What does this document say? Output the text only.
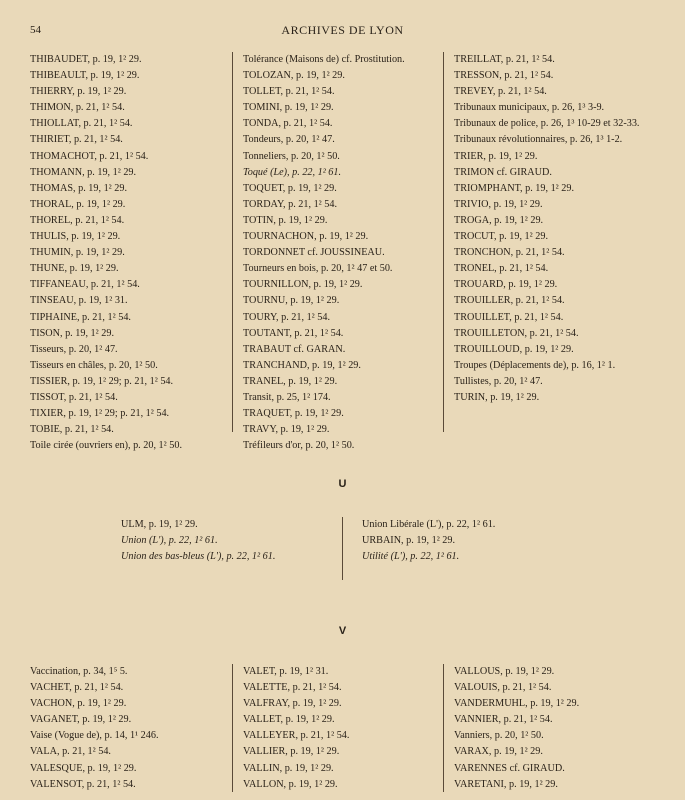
54	ARCHIVES DE LYON
THIBAUDET, p. 19, 1² 29.
THIBEAULT, p. 19, 1² 29.
THIERRY, p. 19, 1² 29.
THIMON, p. 21, 1² 54.
THIOLLAT, p. 21, 1² 54.
THIRIET, p. 21, 1² 54.
THOMACHOT, p. 21, 1² 54.
THOMANN, p. 19, 1² 29.
THOMAS, p. 19, 1² 29.
THORAL, p. 19, 1² 29.
THOREL, p. 21, 1² 54.
THULIS, p. 19, 1² 29.
THUMIN, p. 19, 1² 29.
THUNE, p. 19, 1² 29.
TIFFANEAU, p. 21, 1² 54.
TINSEAU, p. 19, 1² 31.
TIPHAINE, p. 21, 1² 54.
TISON, p. 19, 1² 29.
Tisseurs, p. 20, 1² 47.
Tisseurs en châles, p. 20, 1² 50.
TISSIER, p. 19, 1² 29; p. 21, 1² 54.
TISSOT, p. 21, 1² 54.
TIXIER, p. 19, 1² 29; p. 21, 1² 54.
TOBIE, p. 21, 1² 54.
Toile cirée (ouvriers en), p. 20, 1² 50.
Tolérance (Maisons de) cf. Prostitution.
TOLOZAN, p. 19, 1² 29.
TOLLET, p. 21, 1² 54.
TOMINI, p. 19, 1² 29.
TONDA, p. 21, 1² 54.
Tondeurs, p. 20, 1² 47.
Tonneliers, p. 20, 1² 50.
Toqué (Le), p. 22, 1² 61.
TOQUET, p. 19, 1² 29.
TORDAY, p. 21, 1² 54.
TOTIN, p. 19, 1² 29.
TOURNACHON, p. 19, 1² 29.
TORDONNET cf. JOUSSINEAU.
Tourneurs en bois, p. 20, 1² 47 et 50.
TOURNILLON, p. 19, 1² 29.
TOURNU, p. 19, 1² 29.
TOURY, p. 21, 1² 54.
TOUTANT, p. 21, 1² 54.
TRABAUT cf. GARAN.
TRANCHAND, p. 19, 1² 29.
TRANEL, p. 19, 1² 29.
Transit, p. 25, 1² 174.
TRAQUET, p. 19, 1² 29.
TRAVY, p. 19, 1² 29.
Tréfileurs d'or, p. 20, 1² 50.
TREILLAT, p. 21, 1² 54.
TRESSON, p. 21, 1² 54.
TREVEY, p. 21, 1² 54.
Tribunaux municipaux, p. 26, 1³ 3-9.
Tribunaux de police, p. 26, 1³ 10-29 et 32-33.
Tribunaux révolutionnaires, p. 26, 1³ 1-2.
TRIER, p. 19, 1² 29.
TRIMON cf. GIRAUD.
TRIOMPHANT, p. 19, 1² 29.
TRIVIO, p. 19, 1² 29.
TROGA, p. 19, 1² 29.
TROCUT, p. 19, 1² 29.
TRONCHON, p. 21, 1² 54.
TRONEL, p. 21, 1² 54.
TROUARD, p. 19, 1² 29.
TROUILLER, p. 21, 1² 54.
TROUILLET, p. 21, 1² 54.
TROUILLETON, p. 21, 1² 54.
TROUILLOUD, p. 19, 1² 29.
Troupes (Déplacements de), p. 16, 1² 1.
Tullistes, p. 20, 1² 47.
TURIN, p. 19, 1² 29.
U
ULM, p. 19, 1² 29.
Union (L'), p. 22, 1² 61.
Union des bas-bleus (L'), p. 22, 1² 61.
Union Libérale (L'), p. 22, 1² 61.
URBAIN, p. 19, 1² 29.
Utilité (L'), p. 22, 1² 61.
V
Vaccination, p. 34, 1⁵ 5.
VACHET, p. 21, 1² 54.
VACHON, p. 19, 1² 29.
VAGANET, p. 19, 1² 29.
Vaise (Vogue de), p. 14, 1¹ 246.
VALA, p. 21, 1² 54.
VALESQUE, p. 19, 1² 29.
VALENSOT, p. 21, 1² 54.
VALET, p. 19, 1² 31.
VALETTE, p. 21, 1² 54.
VALFRAY, p. 19, 1² 29.
VALLET, p. 19, 1² 29.
VALLEYER, p. 21, 1² 54.
VALLIER, p. 19, 1² 29.
VALLIN, p. 19, 1² 29.
VALLON, p. 19, 1² 29.
VALLOUS, p. 19, 1² 29.
VALOUIS, p. 21, 1² 54.
VANDERMUHL, p. 19, 1² 29.
VANNIER, p. 21, 1² 54.
Vanniers, p. 20, 1² 50.
VARAX, p. 19, 1² 29.
VARENNES cf. GIRAUD.
VARETANI, p. 19, 1² 29.
